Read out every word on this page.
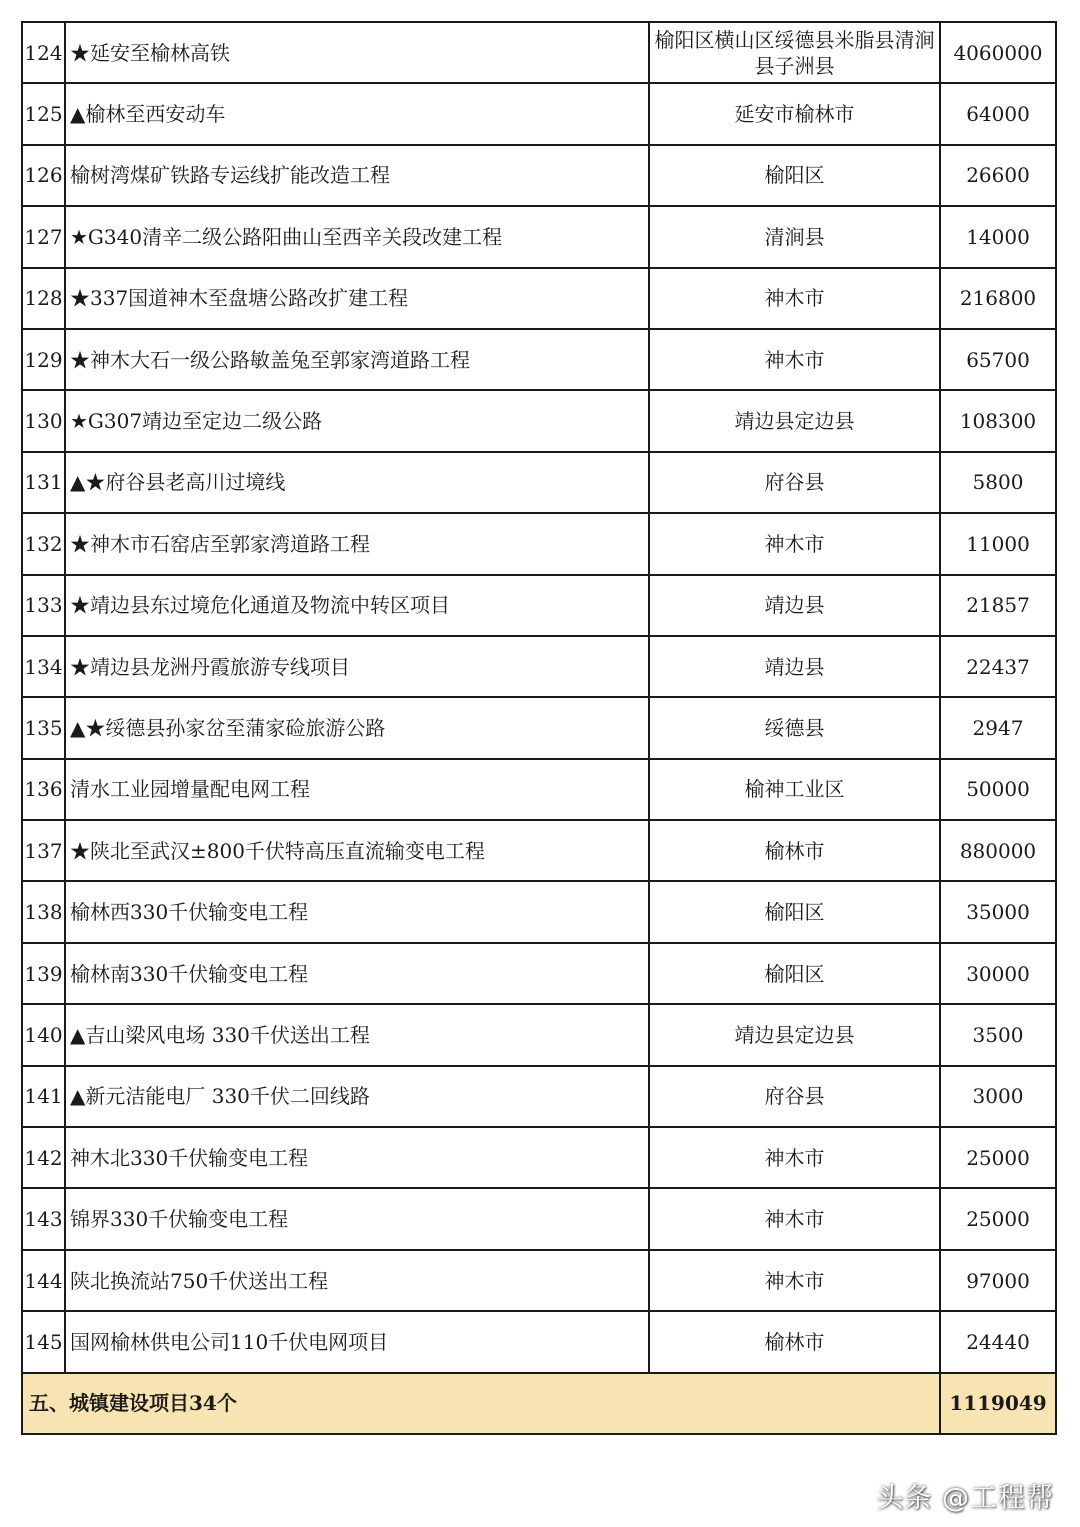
124	★延安至榆林高铁	榆阳区横山区绥德县米脂县清涧县子洲县	4060000
125	▲榆林至西安动车	延安市榆林市	64000
126	榆树湾煤矿铁路专运线扩能改造工程	榆阳区	26600
127	★G340清辛二级公路阳曲山至西辛关段改建工程	清涧县	14000
128	★337国道神木至盘塘公路改扩建工程	神木市	216800
129	★神木大石一级公路敏盖兔至郭家湾道路工程	神木市	65700
130	★G307靖边至定边二级公路	靖边县定边县	108300
131	▲★府谷县老高川过境线	府谷县	5800
132	★神木市石窑店至郭家湾道路工程	神木市	11000
133	★靖边县东过境危化通道及物流中转区项目	靖边县	21857
134	★靖边县龙洲丹霞旅游专线项目	靖边县	22437
135	▲★绥德县孙家岔至蒲家硷旅游公路	绥德县	2947
136	清水工业园增量配电网工程	榆神工业区	50000
137	★陕北至武汉±800千伏特高压直流输变电工程	榆林市	880000
138	榆林西330千伏输变电工程	榆阳区	35000
139	榆林南330千伏输变电工程	榆阳区	30000
140	▲吉山梁风电场 330千伏送出工程	靖边县定边县	3500
141	▲新元洁能电厂 330千伏二回线路	府谷县	3000
142	神木北330千伏输变电工程	神木市	25000
143	锦界330千伏输变电工程	神木市	25000
144	陕北换流站750千伏送出工程	神木市	97000
145	国网榆林供电公司110千伏电网项目	榆林市	24440
五、城镇建设项目34个			1119049
头条 @工程帮
